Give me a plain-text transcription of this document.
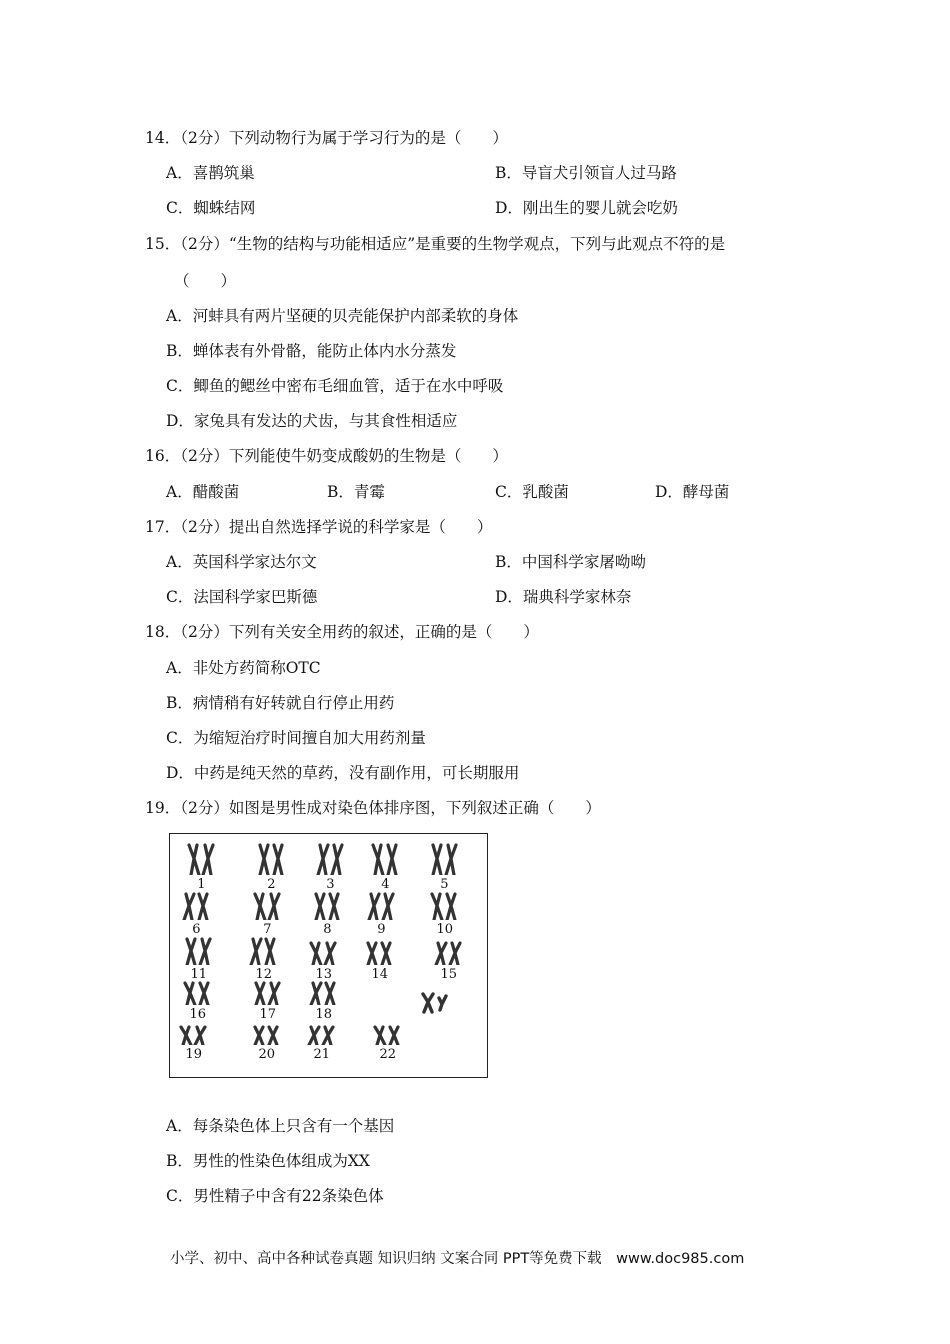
14．（2分）下列动物行为属于学习行为的是（　　）
A．喜鹊筑巢	B．导盲犬引领盲人过马路
C．蜘蛛结网	D．刚出生的婴儿就会吃奶
15．（2分）“生物的结构与功能相适应”是重要的生物学观点，下列与此观点不符的是
（　　）
A．河蚌具有两片坚硬的贝壳能保护内部柔软的身体
B．蝉体表有外骨骼，能防止体内水分蒸发
C．鲫鱼的鳃丝中密布毛细血管，适于在水中呼吸
D．家兔具有发达的犬齿，与其食性相适应
16．（2分）下列能使牛奶变成酸奶的生物是（　　）
A．醋酸菌	B．青霉	C．乳酸菌	D．酵母菌
17．（2分）提出自然选择学说的科学家是（　　）
A．英国科学家达尔文	B．中国科学家屠呦呦
C．法国科学家巴斯德	D．瑞典科学家林奈
18．（2分）下列有关安全用药的叙述，正确的是（　　）
A．非处方药简称OTC
B．病情稍有好转就自行停止用药
C．为缩短治疗时间擅自加大用药剂量
D．中药是纯天然的草药，没有副作用，可长期服用
19．（2分）如图是男性成对染色体排序图，下列叙述正确（　　）
1	2	3	4	5
6	7	8	9	10
11	12	13	14	15
16	17	18
19	20	21	22
A．每条染色体上只含有一个基因
B．男性的性染色体组成为XX
C．男性精子中含有22条染色体
小学、初中、高中各种试卷真题 知识归纳 文案合同 PPT等免费下载　www.doc985.com
